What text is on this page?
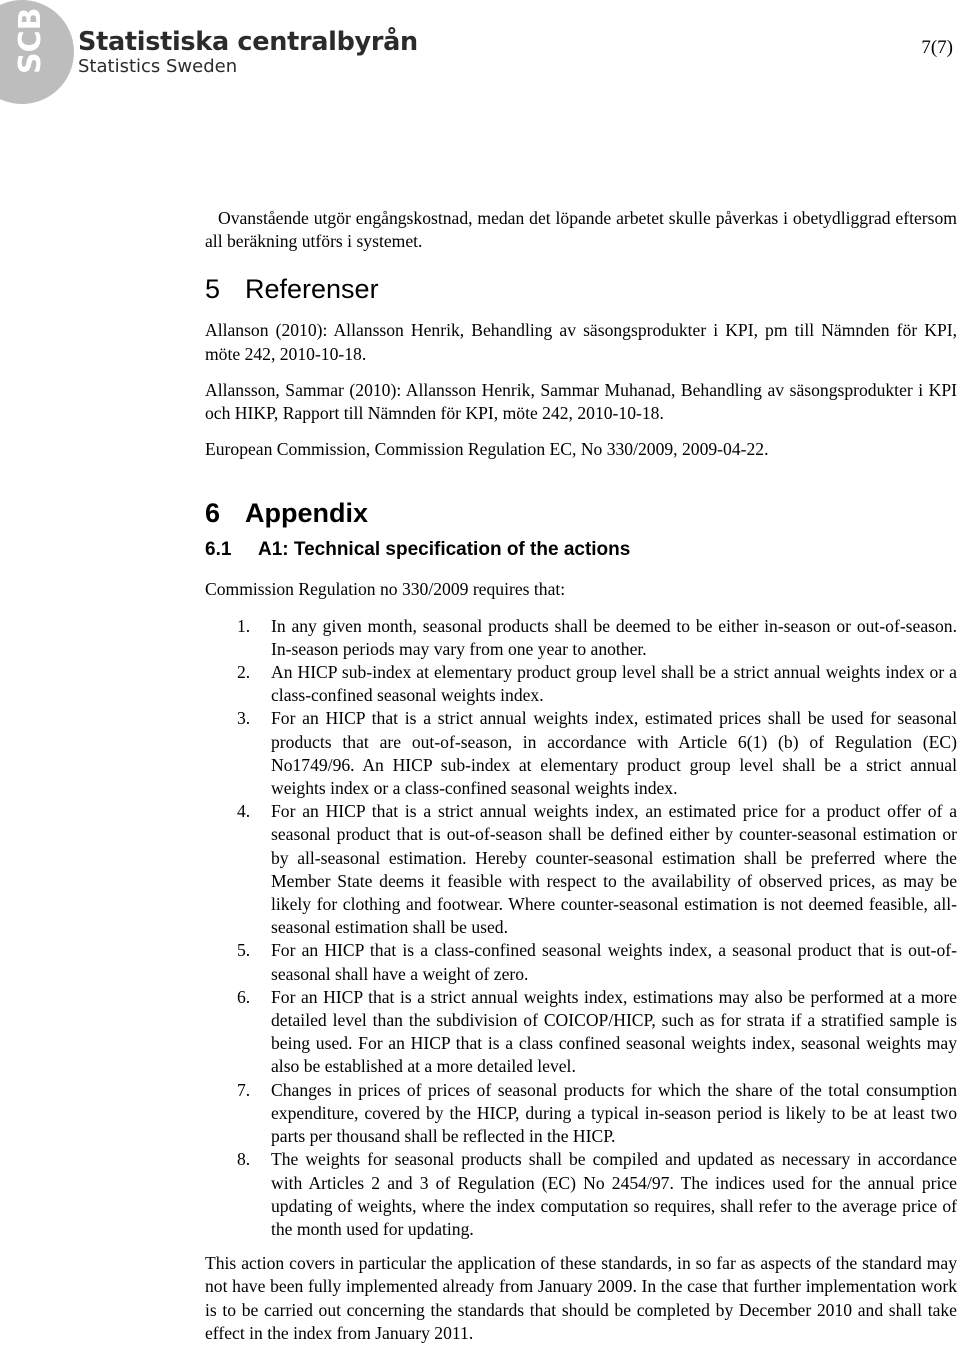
SCB Statistiska centralbyrån
Statistics Sweden
7(7)

Ovanstående utgör engångskostnad, medan det löpande arbetet skulle påverkas i obetydliggrad eftersom all beräkning utförs i systemet.

5 Referenser

Allanson (2010): Allansson Henrik, Behandling av säsongsprodukter i KPI, pm till Nämnden för KPI, möte 242, 2010-10-18.

Allansson, Sammar (2010): Allansson Henrik, Sammar Muhanad, Behandling av säsongsprodukter i KPI och HIKP, Rapport till Nämnden för KPI, möte 242, 2010-10-18.

European Commission, Commission Regulation EC, No 330/2009, 2009-04-22.

6 Appendix
6.1 A1: Technical specification of the actions

Commission Regulation no 330/2009 requires that:

1. In any given month, seasonal products shall be deemed to be either in-season or out-of-season. In-season periods may vary from one year to another.
2. An HICP sub-index at elementary product group level shall be a strict annual weights index or a class-confined seasonal weights index.
3. For an HICP that is a strict annual weights index, estimated prices shall be used for seasonal products that are out-of-season, in accordance with Article 6(1) (b) of Regulation (EC) No1749/96. An HICP sub-index at elementary product group level shall be a strict annual weights index or a class-confined seasonal weights index.
4. For an HICP that is a strict annual weights index, an estimated price for a product offer of a seasonal product that is out-of-season shall be defined either by counter-seasonal estimation or by all-seasonal estimation. Hereby counter-seasonal estimation shall be preferred where the Member State deems it feasible with respect to the availability of observed prices, as may be likely for clothing and footwear. Where counter-seasonal estimation is not deemed feasible, all-seasonal estimation shall be used.
5. For an HICP that is a class-confined seasonal weights index, a seasonal product that is out-of-seasonal shall have a weight of zero.
6. For an HICP that is a strict annual weights index, estimations may also be performed at a more detailed level than the subdivision of COICOP/HICP, such as for strata if a stratified sample is being used. For an HICP that is a class confined seasonal weights index, seasonal weights may also be established at a more detailed level.
7. Changes in prices of prices of seasonal products for which the share of the total consumption expenditure, covered by the HICP, during a typical in-season period is likely to be at least two parts per thousand shall be reflected in the HICP.
8. The weights for seasonal products shall be compiled and updated as necessary in accordance with Articles 2 and 3 of Regulation (EC) No 2454/97. The indices used for the annual price updating of weights, where the index computation so requires, shall refer to the average price of the month used for updating.

This action covers in particular the application of these standards, in so far as aspects of the standard may not have been fully implemented already from January 2009. In the case that further implementation work is to be carried out concerning the standards that should be completed by December 2010 and shall take effect in the index from January 2011.
